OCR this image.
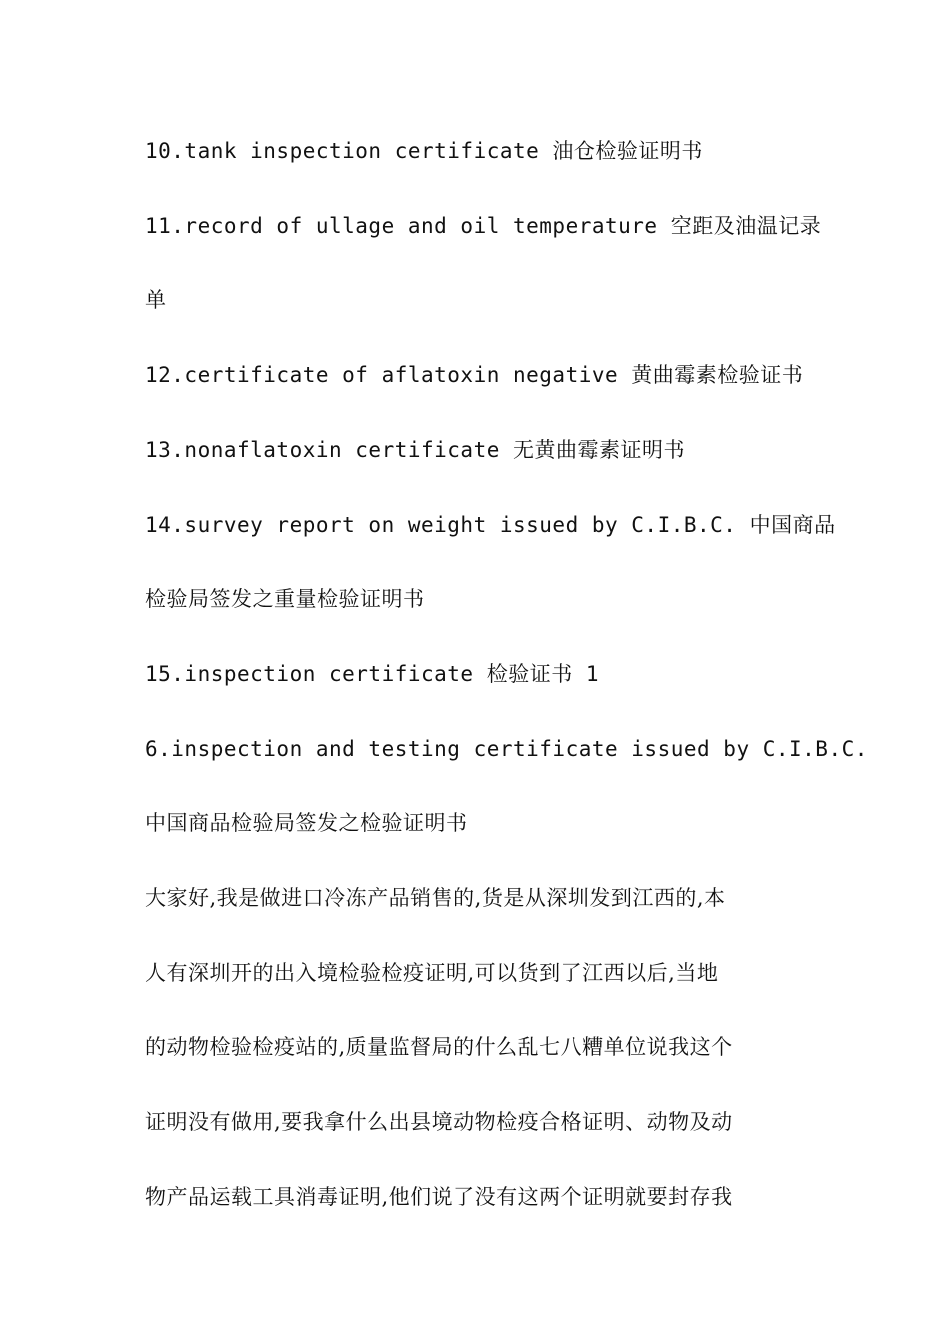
10.tank inspection certificate 油仓检验证明书
11.record of ullage and oil temperature 空距及油温记录
单
12.certificate of aflatoxin negative 黄曲霉素检验证书
13.nonaflatoxin certificate 无黄曲霉素证明书
14.survey report on weight issued by C.I.B.C. 中国商品
检验局签发之重量检验证明书
15.inspection certificate 检验证书 1
6.inspection and testing certificate issued by C.I.B.C.
中国商品检验局签发之检验证明书
大家好,我是做进口冷冻产品销售的,货是从深圳发到江西的,本
人有深圳开的出入境检验检疫证明,可以货到了江西以后,当地
的动物检验检疫站的,质量监督局的什么乱七八糟单位说我这个
证明没有做用,要我拿什么出县境动物检疫合格证明、动物及动
物产品运载工具消毒证明,他们说了没有这两个证明就要封存我
